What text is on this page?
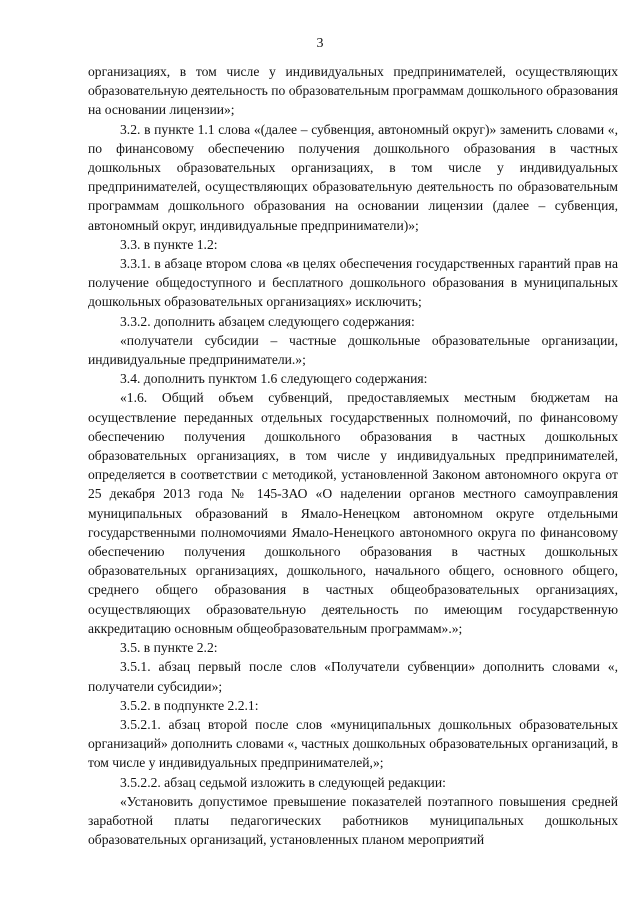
3

организациях, в том числе у индивидуальных предпринимателей, осуществляющих образовательную деятельность по образовательным программам дошкольного образования на основании лицензии»;

3.2. в пункте 1.1 слова «(далее – субвенция, автономный округ)» заменить словами «, по финансовому обеспечению получения дошкольного образования в частных дошкольных образовательных организациях, в том числе у индивидуальных предпринимателей, осуществляющих образовательную деятельность по образовательным программам дошкольного образования на основании лицензии (далее – субвенция, автономный округ, индивидуальные предприниматели)»;

3.3. в пункте 1.2:

3.3.1. в абзаце втором слова «в целях обеспечения государственных гарантий прав на получение общедоступного и бесплатного дошкольного образования в муниципальных дошкольных образовательных организациях» исключить;

3.3.2. дополнить абзацем следующего содержания:

«получатели субсидии – частные дошкольные образовательные организации, индивидуальные предприниматели.»;

3.4. дополнить пунктом 1.6 следующего содержания:

«1.6. Общий объем субвенций, предоставляемых местным бюджетам на осуществление переданных отдельных государственных полномочий, по финансовому обеспечению получения дошкольного образования в частных дошкольных образовательных организациях, в том числе у индивидуальных предпринимателей, определяется в соответствии с методикой, установленной Законом автономного округа от 25 декабря 2013 года № 145-ЗАО «О наделении органов местного самоуправления муниципальных образований в Ямало-Ненецком автономном округе отдельными государственными полномочиями Ямало-Ненецкого автономного округа по финансовому обеспечению получения дошкольного образования в частных дошкольных образовательных организациях, дошкольного, начального общего, основного общего, среднего общего образования в частных общеобразовательных организациях, осуществляющих образовательную деятельность по имеющим государственную аккредитацию основным общеобразовательным программам».»;

3.5. в пункте 2.2:

3.5.1. абзац первый после слов «Получатели субвенции» дополнить словами «, получатели субсидии»;

3.5.2. в подпункте 2.2.1:

3.5.2.1. абзац второй после слов «муниципальных дошкольных образовательных организаций» дополнить словами «, частных дошкольных образовательных организаций, в том числе у индивидуальных предпринимателей,»;

3.5.2.2. абзац седьмой изложить в следующей редакции:

«Установить допустимое превышение показателей поэтапного повышения средней заработной платы педагогических работников муниципальных дошкольных образовательных организаций, установленных планом мероприятий
